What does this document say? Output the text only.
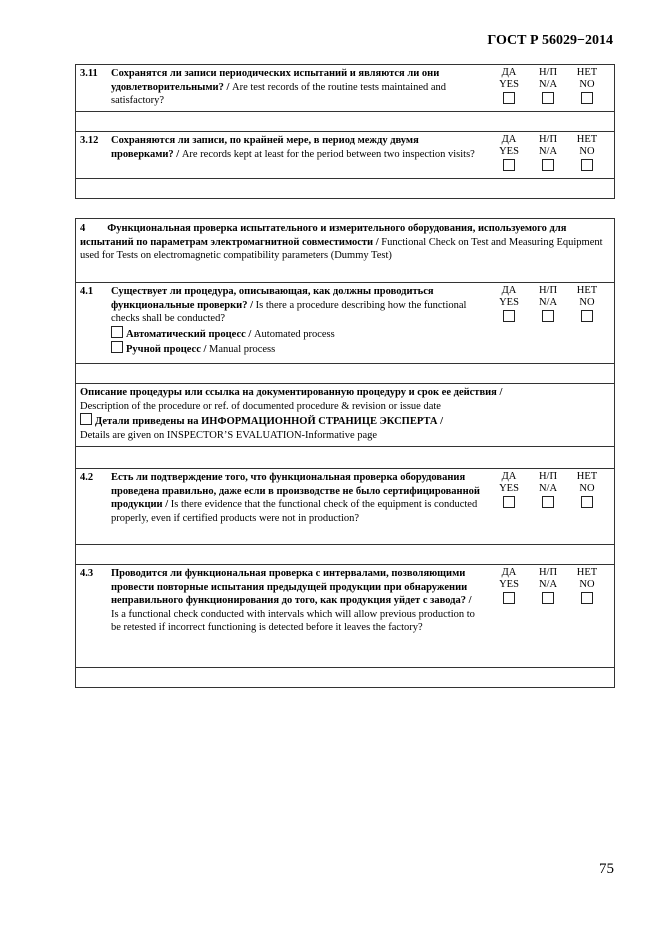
ГОСТ Р 56029−2014
3.11	Сохранятся ли записи периодических испытаний и являются ли они удовлетворительными? / Are test records of the routine tests maintained and satisfactory?
ДА
YES
Н/П
N/A
НЕТ
NO

3.12	Сохраняются ли записи, по крайней мере, в период между двумя проверками? / Are records kept at least for the period between two inspection visits?
ДА
YES
Н/П
N/A
НЕТ
NO

4 Функциональная проверка испытательного и измерительного оборудования, используемого для испытаний по параметрам электромагнитной совместимости / Functional Check on Test and Measuring Equipment used for Tests on electromagnetic compatibility parameters (Dummy Test)

4.1	Существует ли процедура, описывающая, как должны проводиться функциональные проверки? / Is there a procedure describing how the functional checks shall be conducted?
Автоматический процесс / Automated process
Ручной процесс / Manual process
ДА
YES
Н/П
N/A
НЕТ
NO

Описание процедуры или ссылка на документированную процедуру и срок ее действия /
Description of the procedure or ref. of documented procedure & revision or issue date
Детали приведены на ИНФОРМАЦИОННОЙ СТРАНИЦЕ ЭКСПЕРТА /
Details are given on INSPECTOR’S EVALUATION-Informative page

4.2	Есть ли подтверждение того, что функциональная проверка оборудования проведена правильно, даже если в производстве не было сертифицированной продукции / Is there evidence that the functional check of the equipment is conducted properly, even if certified products were not in production?
ДА
YES
Н/П
N/A
НЕТ
NO

4.3	Проводится ли функциональная проверка с интервалами, позволяющими провести повторные испытания предыдущей продукции при обнаружении неправильного функционирования до того, как продукция уйдет с завода? /
Is a functional check conducted with intervals which will allow previous production to be retested if incorrect functioning is detected before it leaves the factory?
ДА
YES
Н/П
N/A
НЕТ
NO

75
